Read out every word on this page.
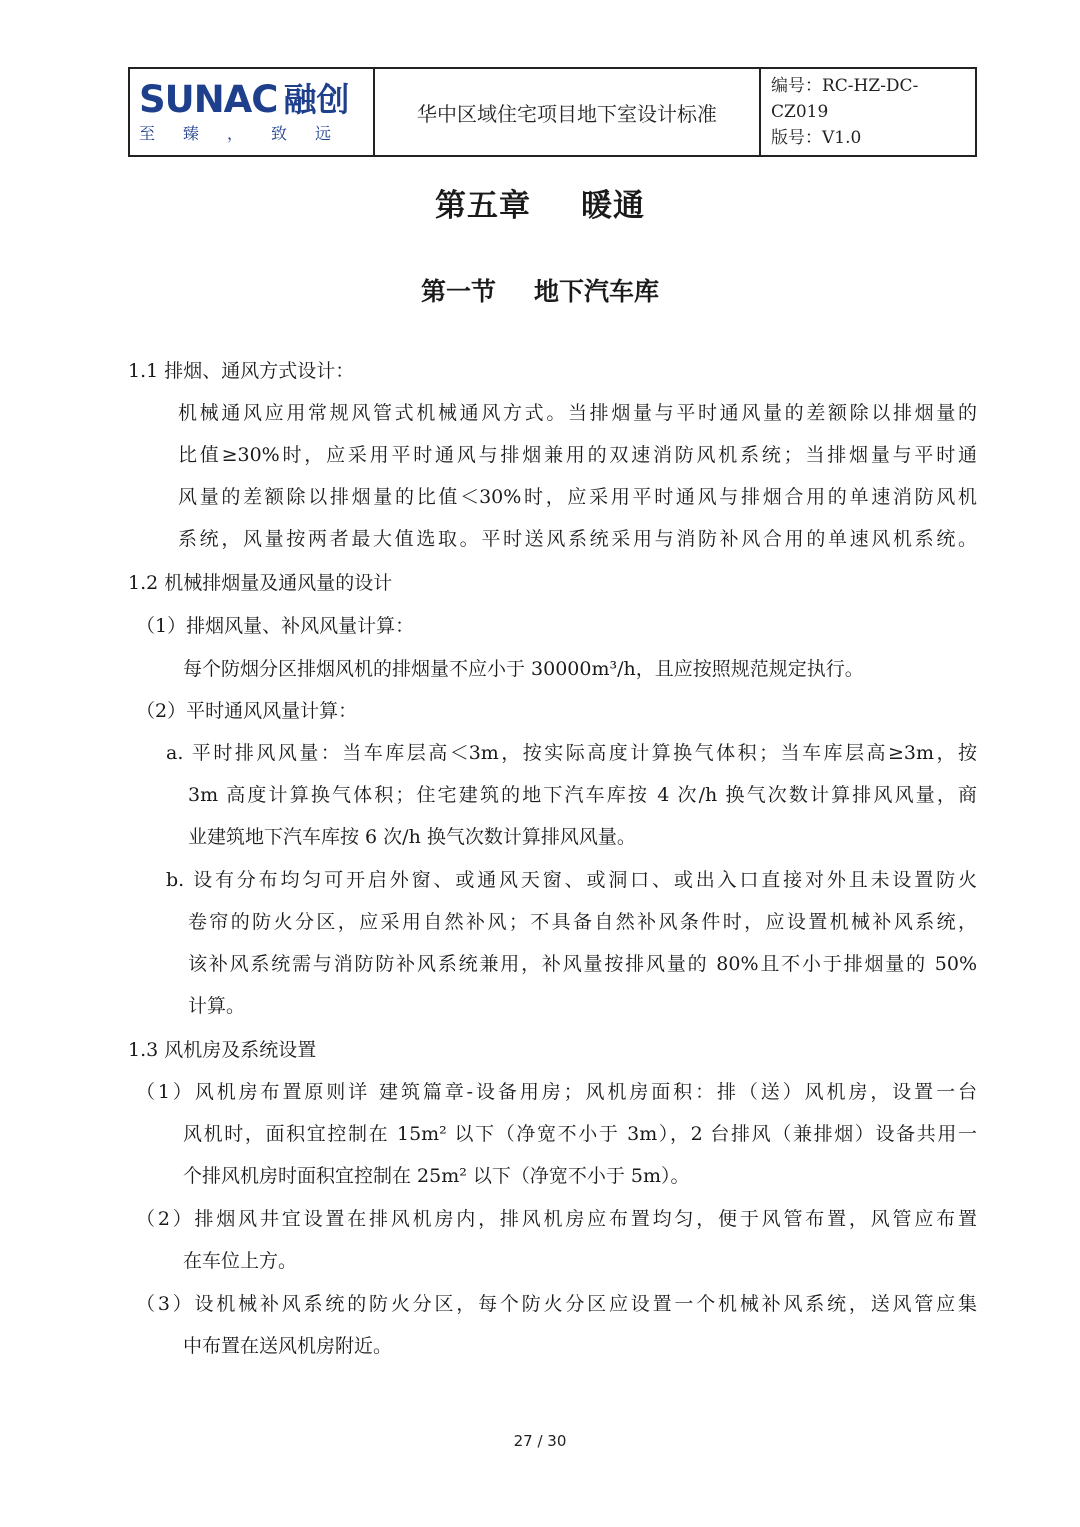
SUNAC 融创
至臻，致远
华中区域住宅项目地下室设计标准
编号：RC-HZ-DC-CZ019
版号：V1.0
第五章 暖通
第一节 地下汽车库
1.1 排烟、通风方式设计：
机械通风应用常规风管式机械通风方式。当排烟量与平时通风量的差额除以排烟量的
比值≥30%时，应采用平时通风与排烟兼用的双速消防风机系统；当排烟量与平时通
风量的差额除以排烟量的比值＜30%时，应采用平时通风与排烟合用的单速消防风机
系统，风量按两者最大值选取。平时送风系统采用与消防补风合用的单速风机系统。
1.2 机械排烟量及通风量的设计
（1）排烟风量、补风风量计算：
每个防烟分区排烟风机的排烟量不应小于 30000m³/h，且应按照规范规定执行。
（2）平时通风风量计算：
a. 平时排风风量：当车库层高＜3m，按实际高度计算换气体积；当车库层高≥3m，按
3m 高度计算换气体积；住宅建筑的地下汽车库按 4 次/h 换气次数计算排风风量，商
业建筑地下汽车库按 6 次/h 换气次数计算排风风量。
b. 设有分布均匀可开启外窗、或通风天窗、或洞口、或出入口直接对外且未设置防火
卷帘的防火分区，应采用自然补风；不具备自然补风条件时，应设置机械补风系统，
该补风系统需与消防防补风系统兼用，补风量按排风量的 80%且不小于排烟量的 50%
计算。
1.3 风机房及系统设置
（1）风机房布置原则详 建筑篇章-设备用房；风机房面积：排（送）风机房，设置一台
风机时，面积宜控制在 15m² 以下（净宽不小于 3m），2 台排风（兼排烟）设备共用一
个排风机房时面积宜控制在 25m² 以下（净宽不小于 5m）。
（2）排烟风井宜设置在排风机房内，排风机房应布置均匀，便于风管布置，风管应布置
在车位上方。
（3）设机械补风系统的防火分区，每个防火分区应设置一个机械补风系统，送风管应集
中布置在送风机房附近。
27 / 30
